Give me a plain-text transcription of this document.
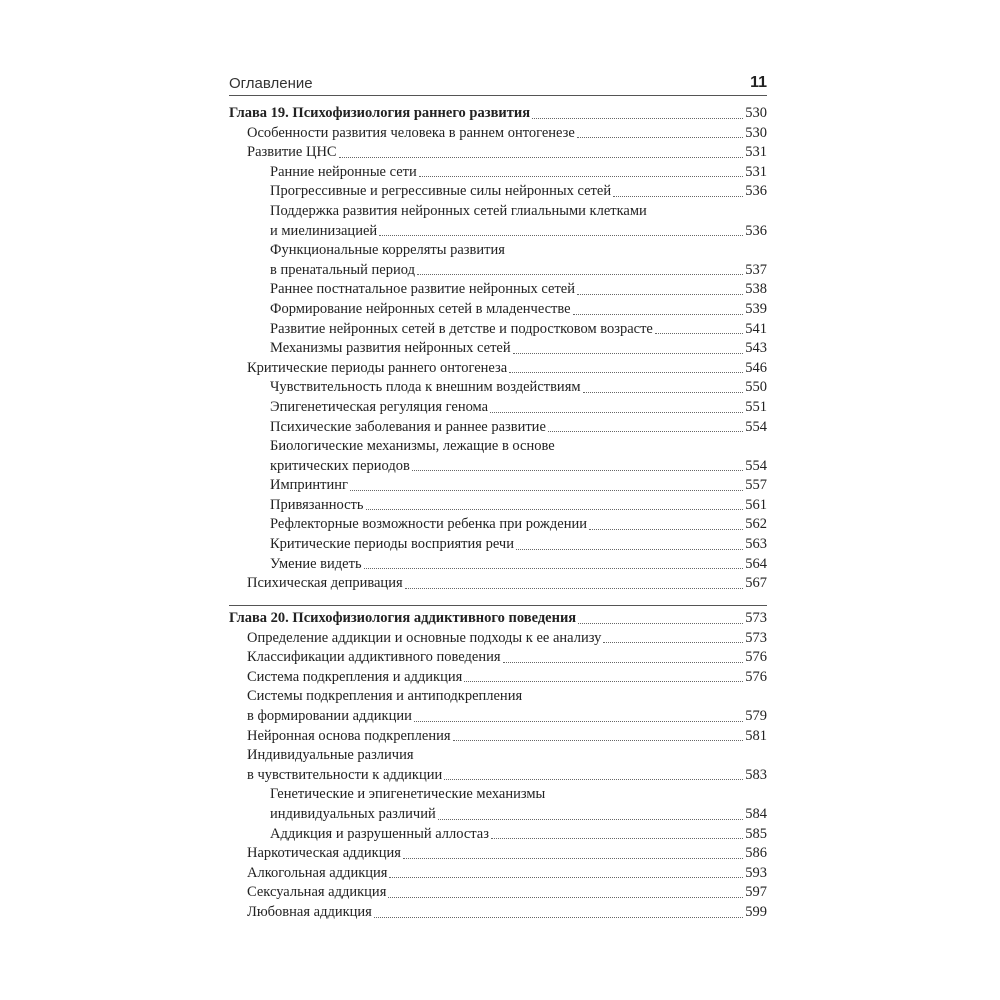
Оглавление	11
Глава 19. Психофизиология раннего развития	530
Особенности развития человека в раннем онтогенезе	530
Развитие ЦНС	531
Ранние нейронные сети	531
Прогрессивные и регрессивные силы нейронных сетей	536
Поддержка развития нейронных сетей глиальными клетками
и миелинизацией	536
Функциональные корреляты развития
в пренатальный период	537
Раннее постнатальное развитие нейронных сетей	538
Формирование нейронных сетей в младенчестве	539
Развитие нейронных сетей в детстве и подростковом возрасте	541
Механизмы развития нейронных сетей	543
Критические периоды раннего онтогенеза	546
Чувствительность плода к внешним воздействиям	550
Эпигенетическая регуляция генома	551
Психические заболевания и раннее развитие	554
Биологические механизмы, лежащие в основе
критических периодов	554
Импринтинг	557
Привязанность	561
Рефлекторные возможности ребенка при рождении	562
Критические периоды восприятия речи	563
Умение видеть	564
Психическая депривация	567
Глава 20. Психофизиология аддиктивного поведения	573
Определение аддикции и основные подходы к ее анализу	573
Классификации аддиктивного поведения	576
Система подкрепления и аддикция	576
Системы подкрепления и антиподкрепления
в формировании аддикции	579
Нейронная основа подкрепления	581
Индивидуальные различия
в чувствительности к аддикции	583
Генетические и эпигенетические механизмы
индивидуальных различий	584
Аддикция и разрушенный аллостаз	585
Наркотическая аддикция	586
Алкогольная аддикция	593
Сексуальная аддикция	597
Любовная аддикция	599
